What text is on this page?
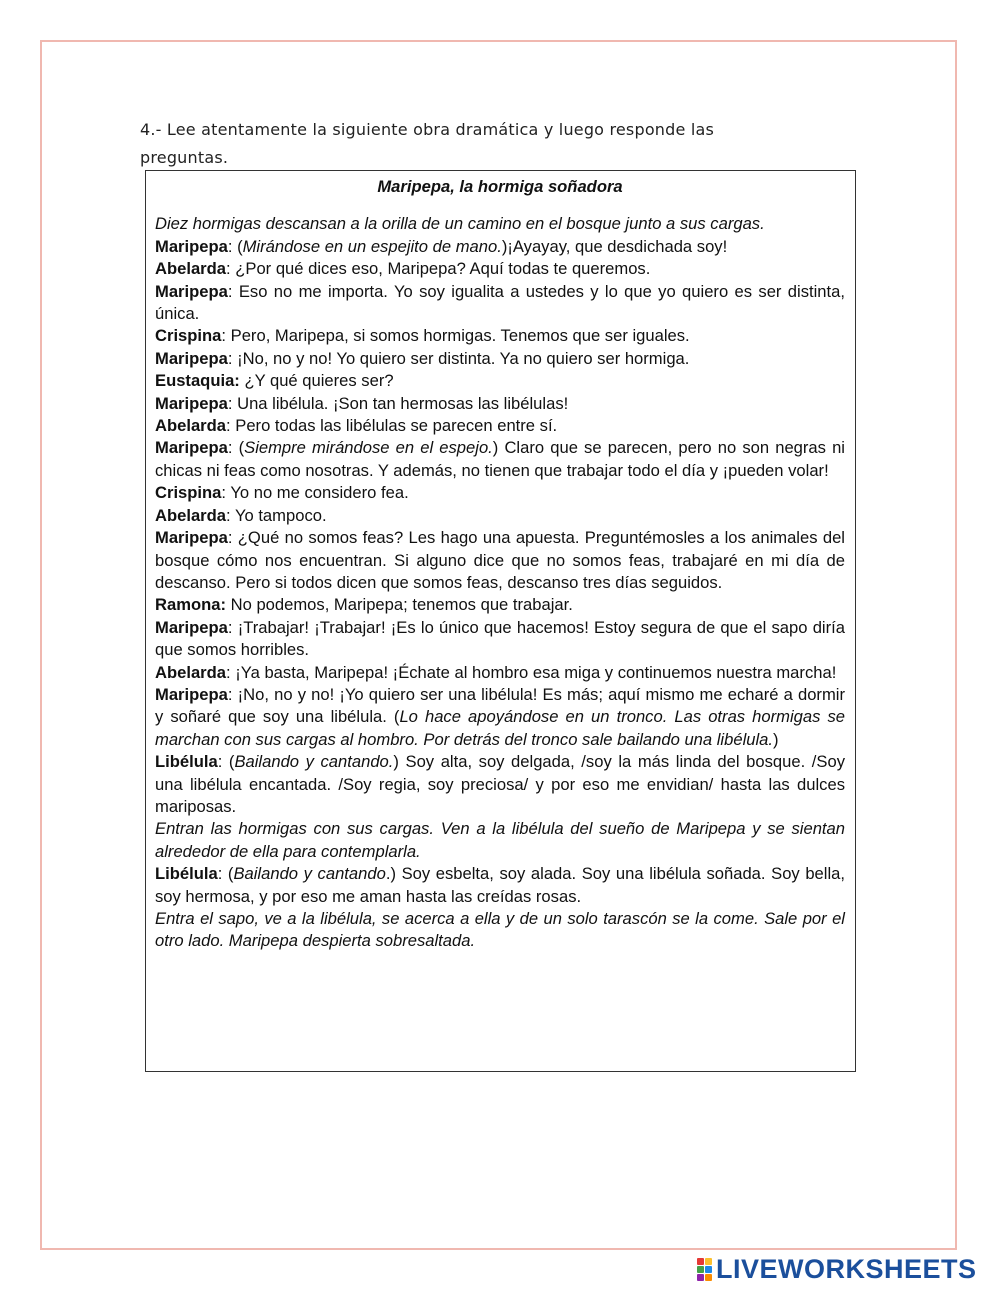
4.- Lee atentamente la siguiente obra dramática y luego responde las preguntas.
Maripepa, la hormiga soñadora

Diez hormigas descansan a la orilla de un camino en el bosque junto a sus cargas.

Maripepa: (Mirándose en un espejito de mano.)¡Ayayay, que desdichada soy!

Abelarda: ¿Por qué dices eso, Maripepa? Aquí todas te queremos.

Maripepa: Eso no me importa. Yo soy igualita a ustedes y lo que yo quiero es ser distinta, única.

Crispina: Pero, Maripepa, si somos hormigas. Tenemos que ser iguales.

Maripepa: ¡No, no y no! Yo quiero ser distinta. Ya no quiero ser hormiga.

Eustaquia: ¿Y qué quieres ser?

Maripepa: Una libélula. ¡Son tan hermosas las libélulas!

Abelarda: Pero todas las libélulas se parecen entre sí.

Maripepa: (Siempre mirándose en el espejo.) Claro que se parecen, pero no son negras ni chicas ni feas como nosotras. Y además, no tienen que trabajar todo el día y ¡pueden volar!

Crispina: Yo no me considero fea.

Abelarda: Yo tampoco.

Maripepa: ¿Qué no somos feas? Les hago una apuesta. Preguntémosles a los animales del bosque cómo nos encuentran. Si alguno dice que no somos feas, trabajaré en mi día de descanso. Pero si todos dicen que somos feas, descanso tres días seguidos.

Ramona: No podemos, Maripepa; tenemos que trabajar.

Maripepa: ¡Trabajar! ¡Trabajar! ¡Es lo único que hacemos! Estoy segura de que el sapo diría que somos horribles.

Abelarda: ¡Ya basta, Maripepa! ¡Échate al hombro esa miga y continuemos nuestra marcha!

Maripepa: ¡No, no y no! ¡Yo quiero ser una libélula! Es más; aquí mismo me echaré a dormir y soñaré que soy una libélula. (Lo hace apoyándose en un tronco. Las otras hormigas se marchan con sus cargas al hombro. Por detrás del tronco sale bailando una libélula.)

Libélula: (Bailando y cantando.) Soy alta, soy delgada, /soy la más linda del bosque. /Soy una libélula encantada. /Soy regia, soy preciosa/ y por eso me envidian/ hasta las dulces mariposas.

Entran las hormigas con sus cargas. Ven a la libélula del sueño de Maripepa y se sientan alrededor de ella para contemplarla.

Libélula: (Bailando y cantando.) Soy esbelta, soy alada. Soy una libélula soñada. Soy bella, soy hermosa, y por eso me aman hasta las creídas rosas.

Entra el sapo, ve a la libélula, se acerca a ella y de un solo tarascón se la come. Sale por el otro lado. Maripepa despierta sobresaltada.

LIVEWORKSHEETS
